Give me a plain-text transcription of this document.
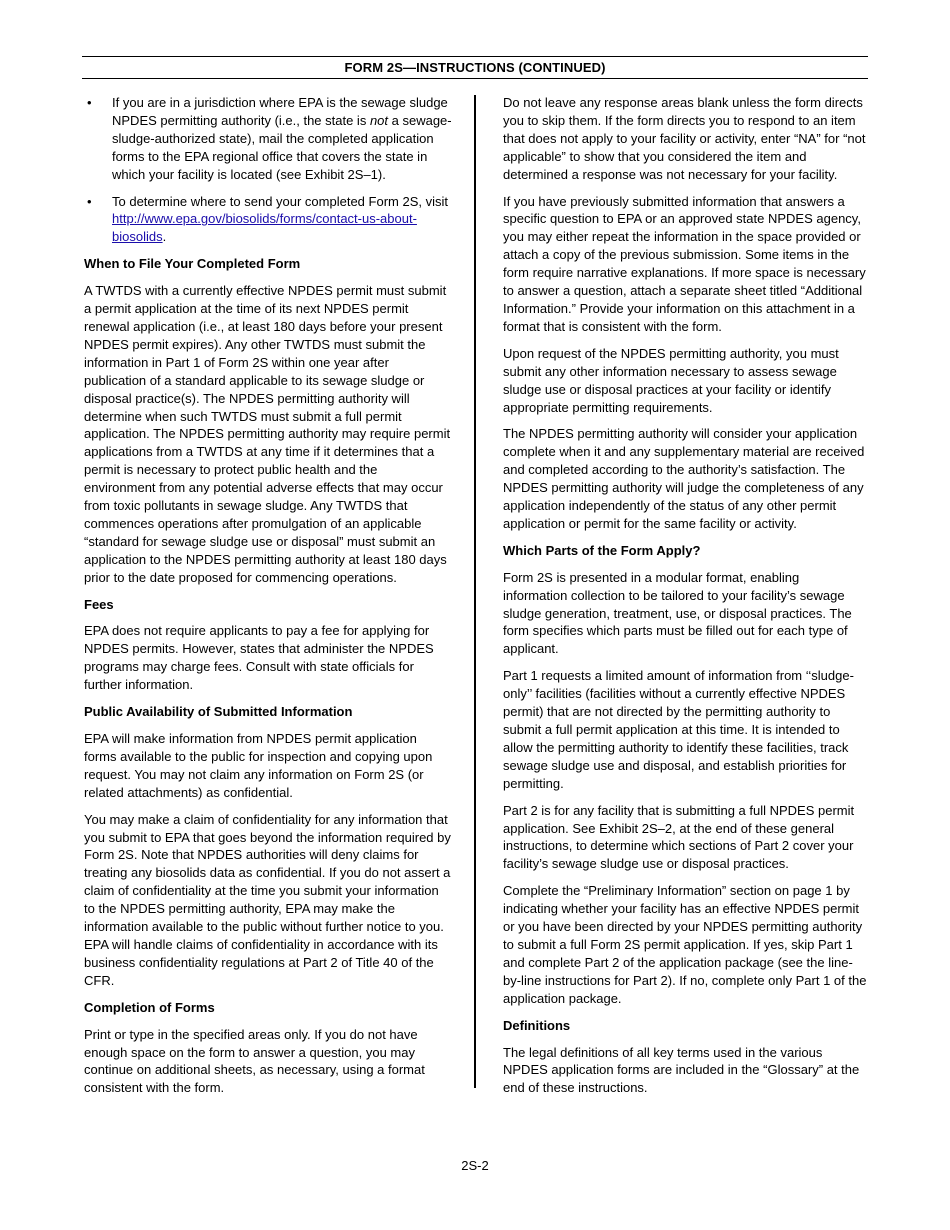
FORM 2S—INSTRUCTIONS (CONTINUED)
• If you are in a jurisdiction where EPA is the sewage sludge NPDES permitting authority (i.e., the state is not a sewage-sludge-authorized state), mail the completed application forms to the EPA regional office that covers the state in which your facility is located (see Exhibit 2S–1).
• To determine where to send your completed Form 2S, visit http://www.epa.gov/biosolids/forms/contact-us-about-
biosolids.
When to File Your Completed Form

A TWTDS with a currently effective NPDES permit must submit a permit application at the time of its next NPDES permit renewal application (i.e., at least 180 days before your present NPDES permit expires). Any other TWTDS must submit the information in Part 1 of Form 2S within one year after publication of a standard applicable to its sewage sludge or disposal practice(s). The NPDES permitting authority will determine when such TWTDS must submit a full permit application. The NPDES permitting authority may require permit applications from a TWTDS at any time if it determines that a permit is necessary to protect public health and the environment from any potential adverse effects that may occur from toxic pollutants in sewage sludge. Any TWTDS that commences operations after promulgation of an applicable “standard for sewage sludge use or disposal” must submit an application to the NPDES permitting authority at least 180 days prior to the date proposed for commencing operations.

Fees

EPA does not require applicants to pay a fee for applying for NPDES permits. However, states that administer the NPDES programs may charge fees. Consult with state officials for further information.

Public Availability of Submitted Information

EPA will make information from NPDES permit application forms available to the public for inspection and copying upon request. You may not claim any information on Form 2S (or related attachments) as confidential.

You may make a claim of confidentiality for any information that you submit to EPA that goes beyond the information required by Form 2S. Note that NPDES authorities will deny claims for treating any biosolids data as confidential. If you do not assert a claim of confidentiality at the time you submit your information to the NPDES permitting authority, EPA may make the information available to the public without further notice to you. EPA will handle claims of confidentiality in accordance with its business confidentiality regulations at Part 2 of Title 40 of the CFR.

Completion of Forms

Print or type in the specified areas only. If you do not have enough space on the form to answer a question, you may continue on additional sheets, as necessary, using a format consistent with the form.

Do not leave any response areas blank unless the form directs you to skip them. If the form directs you to respond to an item that does not apply to your facility or activity, enter “NA” for “not applicable” to show that you considered the item and determined a response was not necessary for your facility.

If you have previously submitted information that answers a specific question to EPA or an approved state NPDES agency, you may either repeat the information in the space provided or attach a copy of the previous submission. Some items in the form require narrative explanations. If more space is necessary to answer a question, attach a separate sheet titled “Additional Information.” Provide your information on this attachment in a format that is consistent with the form.

Upon request of the NPDES permitting authority, you must submit any other information necessary to assess sewage sludge use or disposal practices at your facility or identify appropriate permitting requirements.

The NPDES permitting authority will consider your application complete when it and any supplementary material are received and completed according to the authority’s satisfaction. The NPDES permitting authority will judge the completeness of any application independently of the status of any other permit application or permit for the same facility or activity.

Which Parts of the Form Apply?

Form 2S is presented in a modular format, enabling information collection to be tailored to your facility’s sewage sludge generation, treatment, use, or disposal practices. The form specifies which parts must be filled out for each type of applicant.

Part 1 requests a limited amount of information from ‘‘sludge-only’’ facilities (facilities without a currently effective NPDES permit) that are not directed by the permitting authority to submit a full permit application at this time. It is intended to allow the permitting authority to identify these facilities, track sewage sludge use and disposal, and establish priorities for permitting.

Part 2 is for any facility that is submitting a full NPDES permit application. See Exhibit 2S–2, at the end of these general instructions, to determine which sections of Part 2 cover your facility’s sewage sludge use or disposal practices.

Complete the “Preliminary Information” section on page 1 by indicating whether your facility has an effective NPDES permit or you have been directed by your NPDES permitting authority to submit a full Form 2S permit application. If yes, skip Part 1 and complete Part 2 of the application package (see the line-by-line instructions for Part 2). If no, complete only Part 1 of the application package.

Definitions

The legal definitions of all key terms used in the various NPDES application forms are included in the “Glossary” at the end of these instructions.

2S-2
